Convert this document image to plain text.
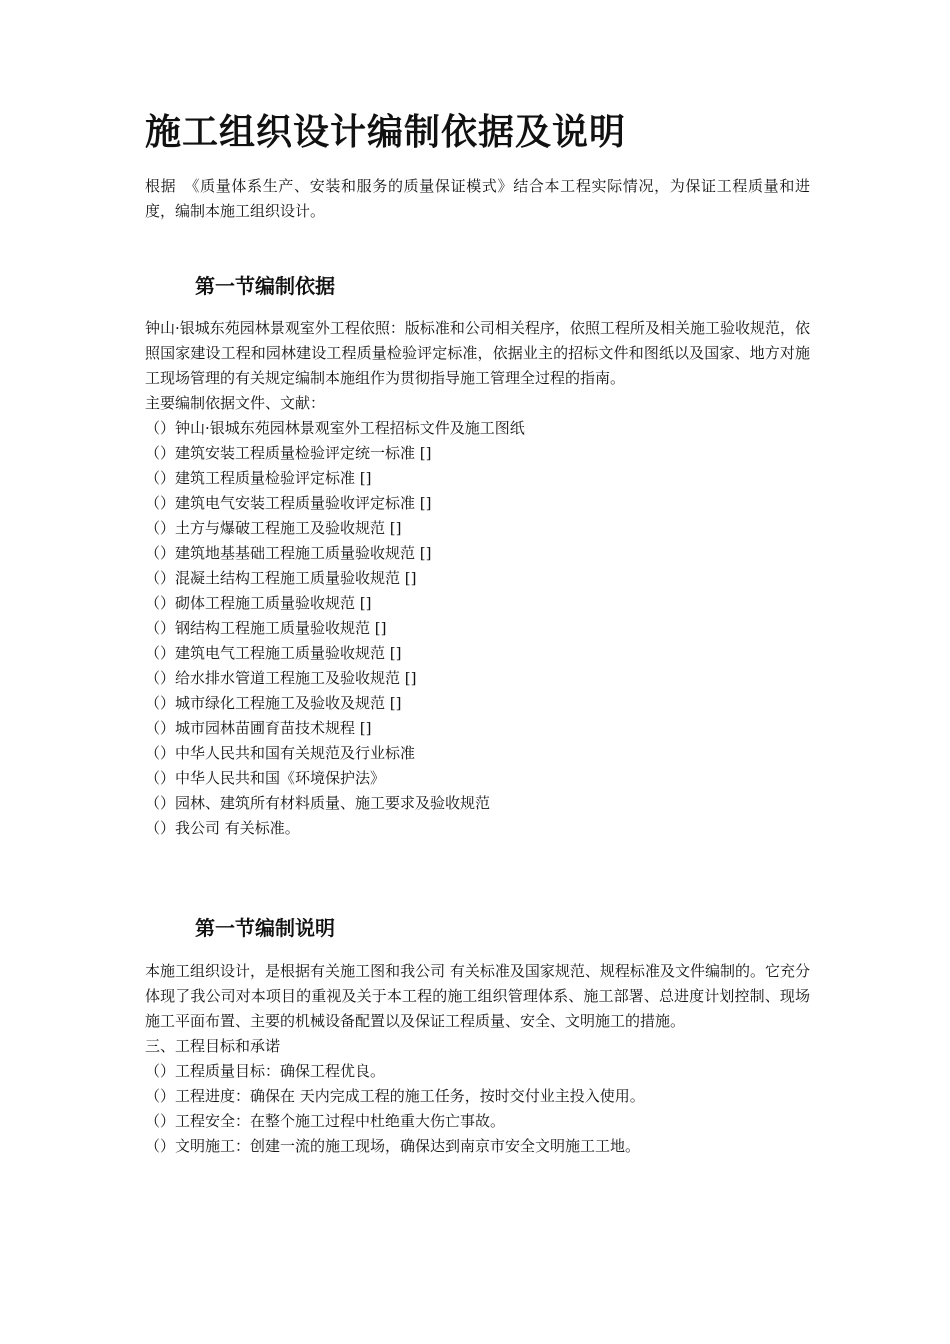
施工组织设计编制依据及说明

根据　《质量体系生产、安装和服务的质量保证模式》结合本工程实际情况，为保证工程质量和进度，编制本施工组织设计。

第一节编制依据

钟山·银城东苑园林景观室外工程依照：版标准和公司相关程序，依照工程所及相关施工验收规范，依照国家建设工程和园林建设工程质量检验评定标准，依据业主的招标文件和图纸以及国家、地方对施工现场管理的有关规定编制本施组作为贯彻指导施工管理全过程的指南。

主要编制依据文件、文献：
（）钟山·银城东苑园林景观室外工程招标文件及施工图纸
（）建筑安装工程质量检验评定统一标准 []
（）建筑工程质量检验评定标准 []
（）建筑电气安装工程质量验收评定标准 []
（）土方与爆破工程施工及验收规范 []
（）建筑地基基础工程施工质量验收规范 []
（）混凝土结构工程施工质量验收规范 []
（）砌体工程施工质量验收规范 []
（）钢结构工程施工质量验收规范 []
（）建筑电气工程施工质量验收规范 []
（）给水排水管道工程施工及验收规范 []
（）城市绿化工程施工及验收及规范 []
（）城市园林苗圃育苗技术规程 []
（）中华人民共和国有关规范及行业标准
（）中华人民共和国《环境保护法》
（）园林、建筑所有材料质量、施工要求及验收规范
（）我公司 有关标准。
第一节编制说明

本施工组织设计，是根据有关施工图和我公司 有关标准及国家规范、规程标准及文件编制的。它充分体现了我公司对本项目的重视及关于本工程的施工组织管理体系、施工部署、总进度计划控制、现场施工平面布置、主要的机械设备配置以及保证工程质量、安全、文明施工的措施。

三、工程目标和承诺
（）工程质量目标：确保工程优良。
（）工程进度：确保在 天内完成工程的施工任务，按时交付业主投入使用。
（）工程安全：在整个施工过程中杜绝重大伤亡事故。
（）文明施工：创建一流的施工现场，确保达到南京市安全文明施工工地。
